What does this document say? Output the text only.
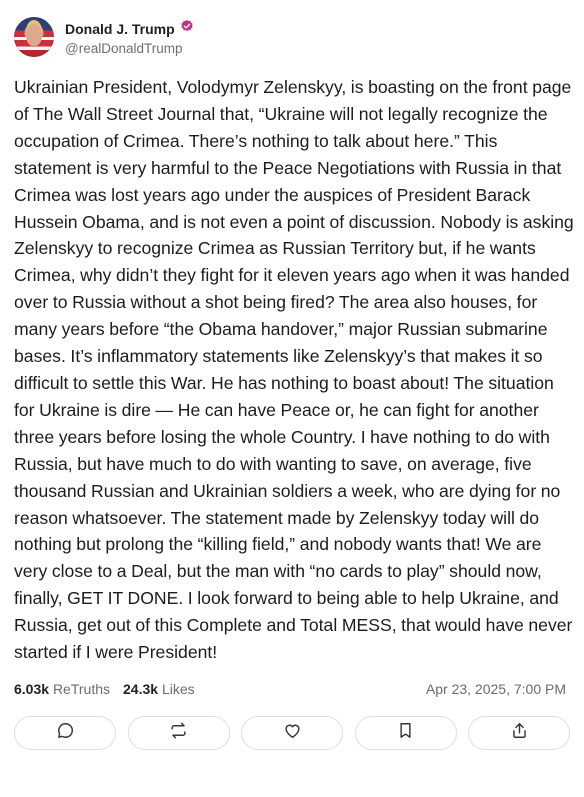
Donald J. Trump
@realDonaldTrump

Ukrainian President, Volodymyr Zelenskyy, is boasting on the front page of The Wall Street Journal that, “Ukraine will not legally recognize the occupation of Crimea. There’s nothing to talk about here.” This statement is very harmful to the Peace Negotiations with Russia in that Crimea was lost years ago under the auspices of President Barack Hussein Obama, and is not even a point of discussion. Nobody is asking Zelenskyy to recognize Crimea as Russian Territory but, if he wants Crimea, why didn’t they fight for it eleven years ago when it was handed over to Russia without a shot being fired? The area also houses, for many years before “the Obama handover,” major Russian submarine bases. It’s inflammatory statements like Zelenskyy’s that makes it so difficult to settle this War. He has nothing to boast about! The situation for Ukraine is dire — He can have Peace or, he can fight for another three years before losing the whole Country. I have nothing to do with Russia, but have much to do with wanting to save, on average, five thousand Russian and Ukrainian soldiers a week, who are dying for no reason whatsoever. The statement made by Zelenskyy today will do nothing but prolong the “killing field,” and nobody wants that! We are very close to a Deal, but the man with “no cards to play” should now, finally, GET IT DONE. I look forward to being able to help Ukraine, and Russia, get out of this Complete and Total MESS, that would have never started if I were President!

6.03k ReTruths 24.3k Likes	Apr 23, 2025, 7:00 PM
